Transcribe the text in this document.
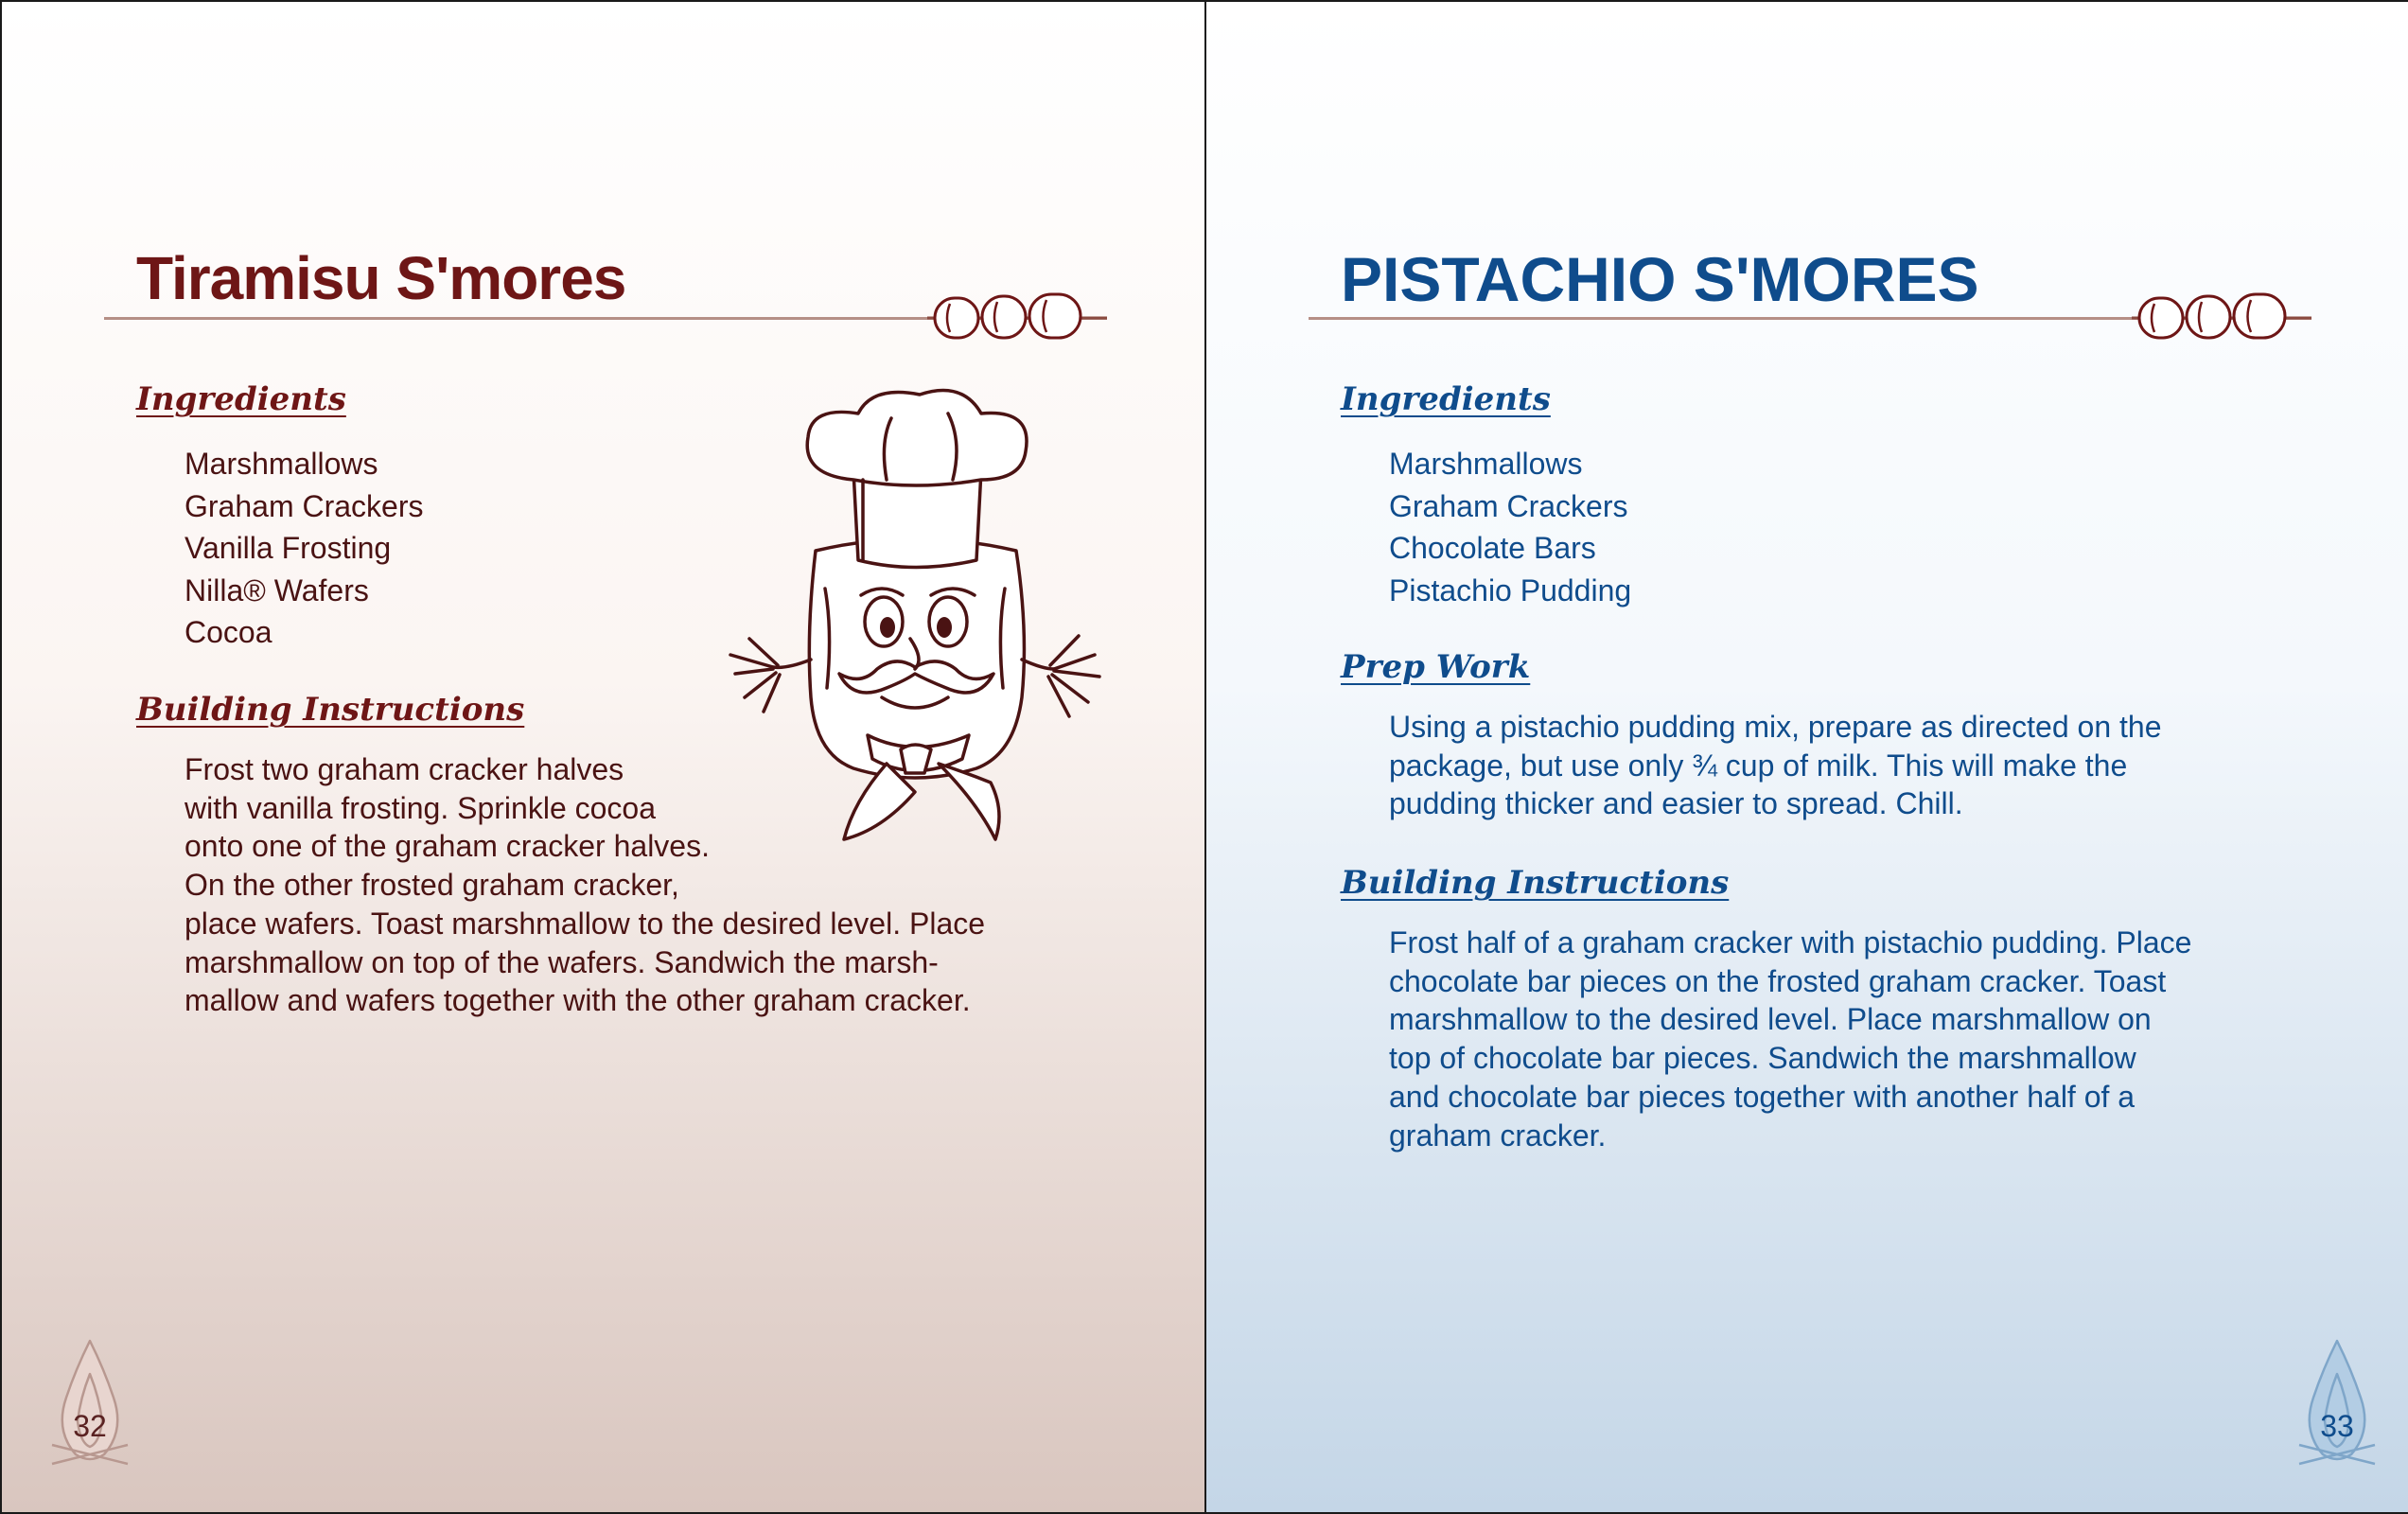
Tiramisu S'mores
Ingredients
Marshmallows
Graham Crackers
Vanilla Frosting
Nilla® Wafers
Cocoa
Building Instructions

Frost two graham cracker halves
with vanilla frosting. Sprinkle cocoa
onto one of the graham cracker halves.
On the other frosted graham cracker,
place wafers. Toast marshmallow to the desired level. Place
marshmallow on top of the wafers. Sandwich the marsh-
mallow and wafers together with the other graham cracker.

32
PISTACHIO S'MORES
Ingredients
Marshmallows
Graham Crackers
Chocolate Bars
Pistachio Pudding
Prep Work

Using a pistachio pudding mix, prepare as directed on the
package, but use only ¾ cup of milk. This will make the
pudding thicker and easier to spread. Chill.

Building Instructions

Frost half of a graham cracker with pistachio pudding. Place
chocolate bar pieces on the frosted graham cracker. Toast
marshmallow to the desired level. Place marshmallow on
top of chocolate bar pieces. Sandwich the marshmallow
and chocolate bar pieces together with another half of a
graham cracker.

33
